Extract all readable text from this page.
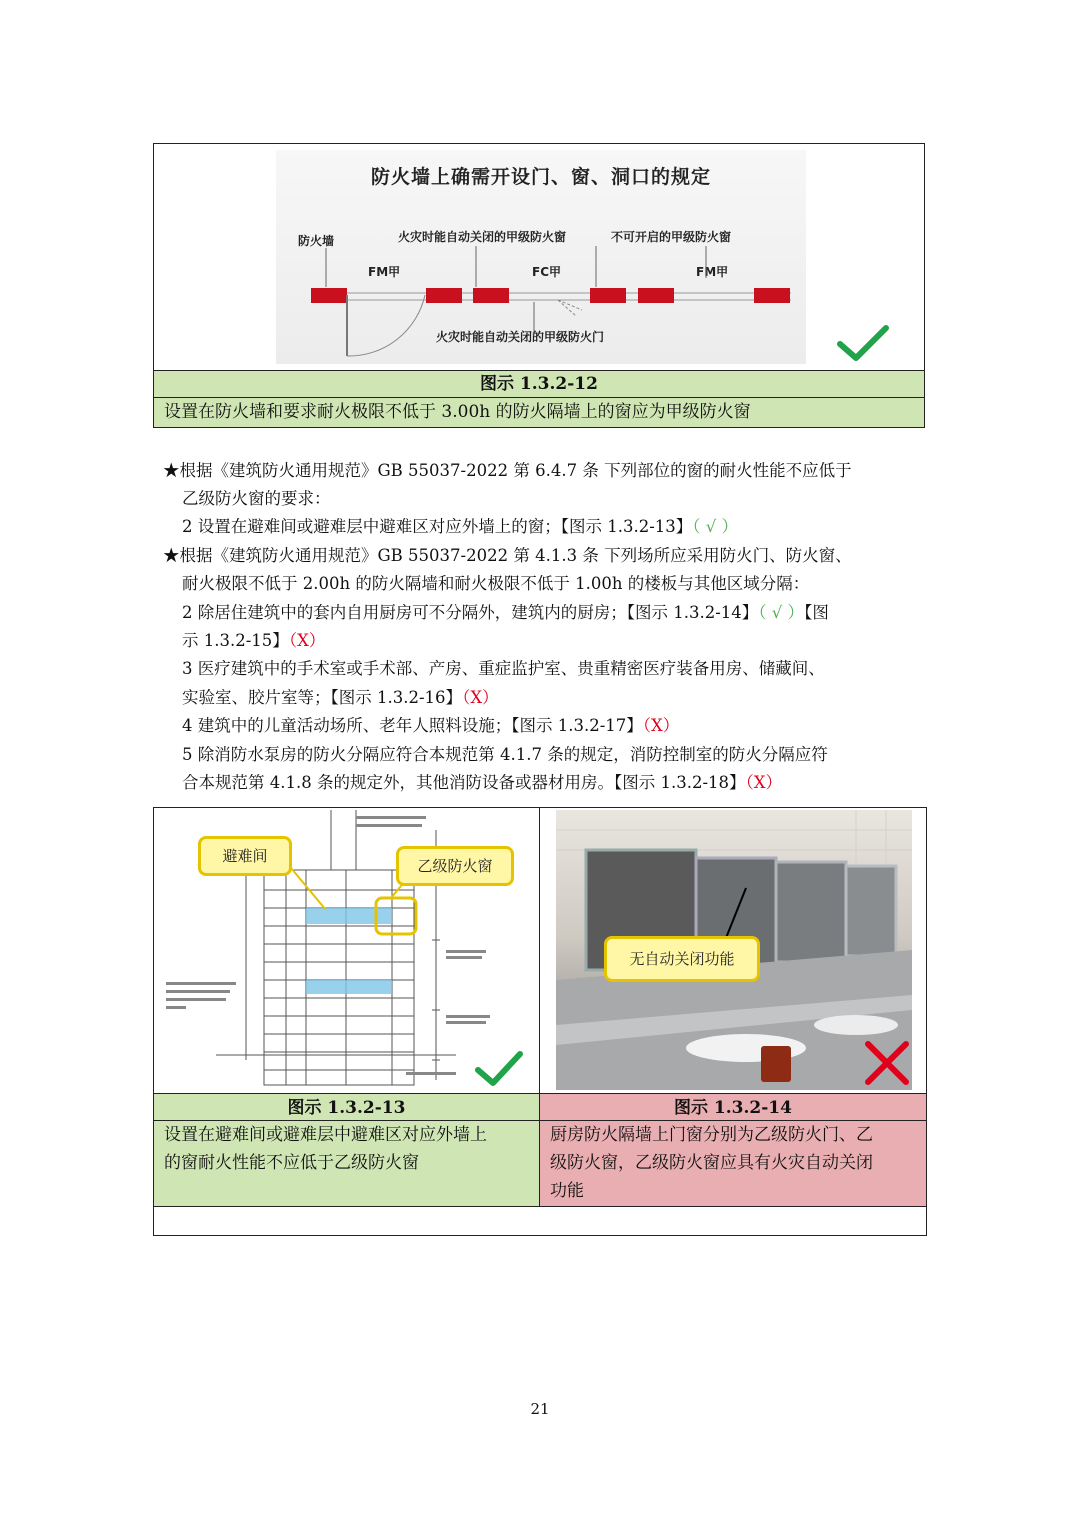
防火墙上确需开设门、窗、洞口的规定
防火墙	火灾时能自动关闭的甲级防火窗	不可开启的甲级防火窗
FM甲	FC甲	FM甲
火灾时能自动关闭的甲级防火门
图示 1.3.2-12
设置在防火墙和要求耐火极限不低于 3.00h 的防火隔墙上的窗应为甲级防火窗
★根据《建筑防火通用规范》GB 55037-2022 第 6.4.7 条 下列部位的窗的耐火性能不应低于
乙级防火窗的要求：
2 设置在避难间或避难层中避难区对应外墙上的窗；【图示 1.3.2-13】（ √ ）
★根据《建筑防火通用规范》GB 55037-2022 第 4.1.3 条 下列场所应采用防火门、防火窗、
耐火极限不低于 2.00h 的防火隔墙和耐火极限不低于 1.00h 的楼板与其他区域分隔：
2 除居住建筑中的套内自用厨房可不分隔外，建筑内的厨房；【图示 1.3.2-14】（ √ ）【图
示 1.3.2-15】（X）
3 医疗建筑中的手术室或手术部、产房、重症监护室、贵重精密医疗装备用房、储藏间、
实验室、胶片室等；【图示 1.3.2-16】（X）
4 建筑中的儿童活动场所、老年人照料设施；【图示 1.3.2-17】（X）
5 除消防水泵房的防火分隔应符合本规范第 4.1.7 条的规定，消防控制室的防火分隔应符
合本规范第 4.1.8 条的规定外，其他消防设备或器材用房。【图示 1.3.2-18】（X）
避难间
乙级防火窗
无自动关闭功能
图示 1.3.2-13	图示 1.3.2-14
设置在避难间或避难层中避难区对应外墙上
的窗耐火性能不应低于乙级防火窗
厨房防火隔墙上门窗分别为乙级防火门、乙
级防火窗，乙级防火窗应具有火灾自动关闭
功能
21
